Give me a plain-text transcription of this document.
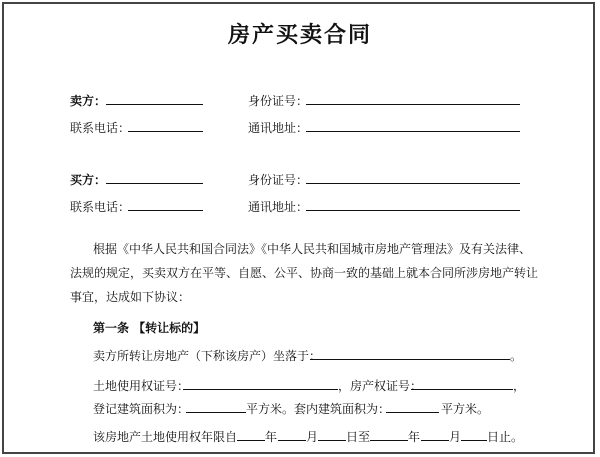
房产买卖合同
卖方：	身份证号：
联系电话：	通讯地址：
买方：	身份证号：
联系电话：	通讯地址：
根据《中华人民共和国合同法》《中华人民共和国城市房地产管理法》及有关法律、
法规的规定，买卖双方在平等、自愿、公平、协商一致的基础上就本合同所涉房地产转让
事宜，达成如下协议：
第一条 【转让标的】
卖方所转让房地产（下称该房产）坐落于：	。
土地使用权证号：	，房产权证号：	，
登记建筑面积为：	平方米。套内建筑面积为：	平方米。
该房地产土地使用权年限自 年 月 日至	年 月 日止。
